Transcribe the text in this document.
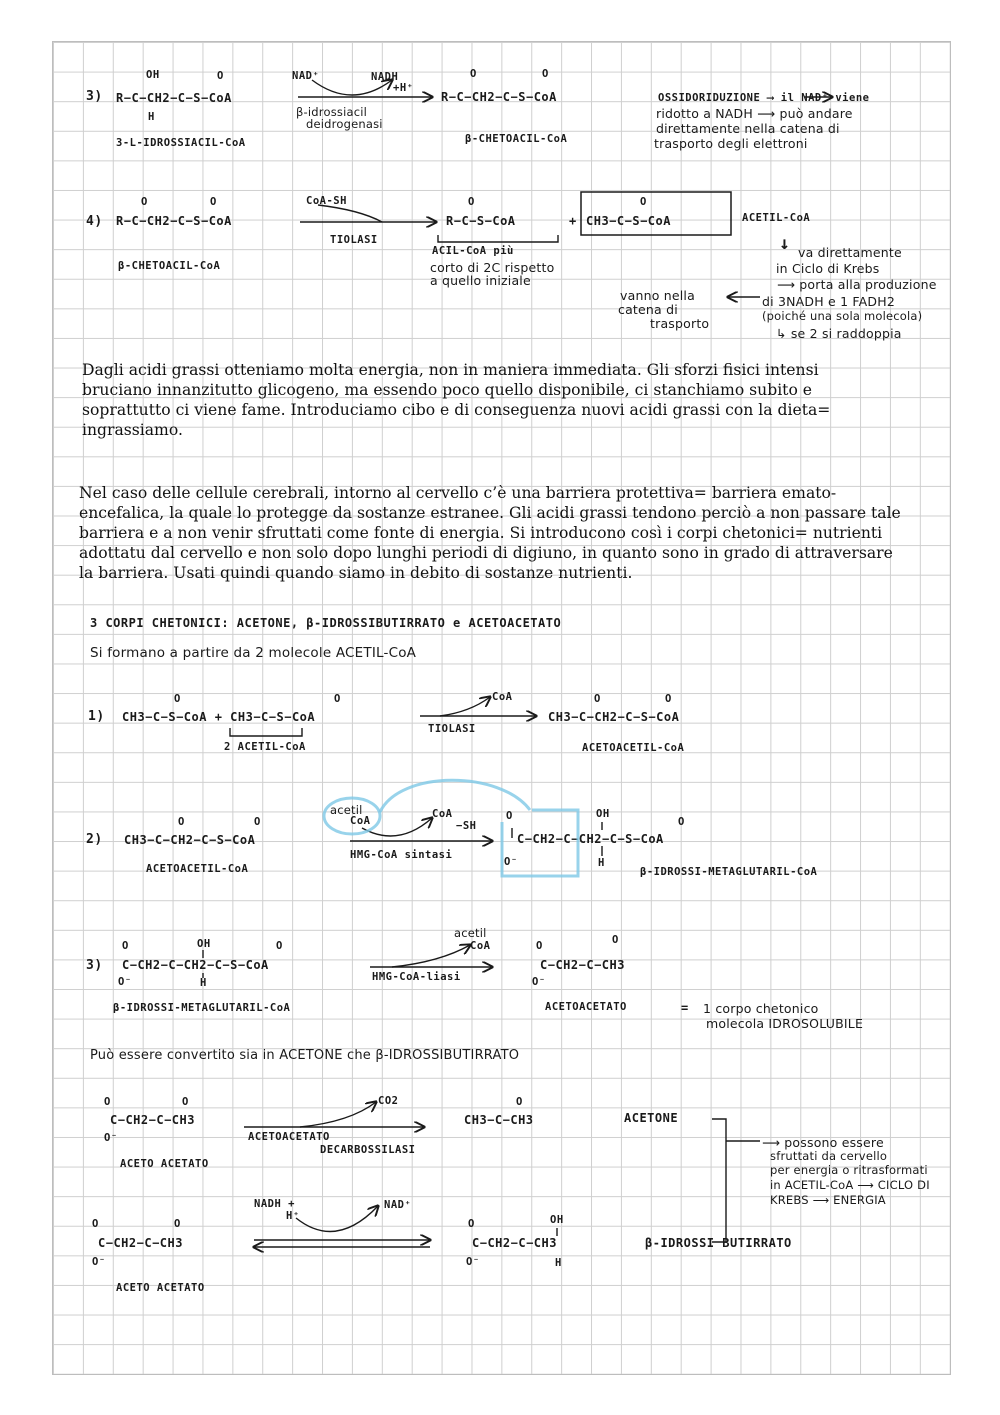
3)
OH	O
R−C−CH2−C−S−CoA
H
NAD⁺	NADH
+H⁺
β-idrossiacil
deidrogenasi
3-L-IDROSSIACIL-CoA
O	O
R−C−CH2−C−S−CoA
β-CHETOACIL-CoA
OSSIDORIDUZIONE ⟶ il NAD⁺ viene
ridotto a NADH ⟶ può andare
direttamente nella catena di
trasporto degli elettroni
4)
O	O
R−C−CH2−C−S−CoA
β-CHETOACIL-CoA
CoA-SH
TIOLASI
O
R−C−S−CoA	+
O
CH3−C−S−CoA	ACETIL-CoA
ACIL-CoA più
corto di 2C rispetto
a quello iniziale
↓ va direttamente
in Ciclo di Krebs
⟶ porta alla produzione
di 3NADH e 1 FADH2
(poiché una sola molecola)
↳ se 2 si raddoppia
vanno nella
catena di
trasporto

Dagli acidi grassi otteniamo molta energia, non in maniera immediata. Gli sforzi fisici intensi bruciano innanzitutto glicogeno, ma essendo poco quello disponibile, ci stanchiamo subito e soprattutto ci viene fame. Introduciamo cibo e di conseguenza nuovi acidi grassi con la dieta= ingrassiamo.

Nel caso delle cellule cerebrali, intorno al cervello c’è una barriera protettiva= barriera emato-encefalica, la quale lo protegge da sostanze estranee. Gli acidi grassi tendono perciò a non passare tale barriera e a non venir sfruttati come fonte di energia. Si introducono così i corpi chetonici= nutrienti adottatu dal cervello e non solo dopo lunghi periodi di digiuno, in quanto sono in grado di attraversare la barriera. Usati quindi quando siamo in debito di sostanze nutrienti.

3 CORPI CHETONICI: ACETONE, β-IDROSSIBUTIRRATO e ACETOACETATO
Si formano a partire da 2 molecole ACETIL-CoA
1)
O	O
CH3−C−S−CoA + CH3−C−S−CoA
2 ACETIL-CoA
CoA
TIOLASI
O	O
CH3−C−CH2−C−S−CoA
ACETOACETIL-CoA
2)
O	O
CH3−C−CH2−C−S−CoA
ACETOACETIL-CoA
acetil
CoA
CoA
−SH
HMG-CoA sintasi
O	OH
O
C−CH2−C−CH2−C−S−CoA
O⁻	H
β-IDROSSI-METAGLUTARIL-CoA
3)
O	OH	O
C−CH2−C−CH2−C−S−CoA
O⁻	H
β-IDROSSI-METAGLUTARIL-CoA
acetil
CoA
HMG-CoA-liasi
O	O
C−CH2−C−CH3
O⁻
ACETOACETATO	= 1 corpo chetonico
molecola IDROSOLUBILE
Può essere convertito sia in ACETONE che β-IDROSSIBUTIRRATO
O	O
C−CH2−C−CH3
O⁻
ACETO ACETATO
CO2
ACETOACETATO
DECARBOSSILASI
O
CH3−C−CH3	ACETONE
O	O
C−CH2−C−CH3
O⁻
ACETO ACETATO
NADH +
H⁺
NAD⁺
O	OH
C−CH2−C−CH3
O⁻	H
β-IDROSSI BUTIRRATO
⟶ possono essere
sfruttati da cervello
per energia o ritrasformati
in ACETIL-CoA ⟶ CICLO DI
KREBS ⟶ ENERGIA
